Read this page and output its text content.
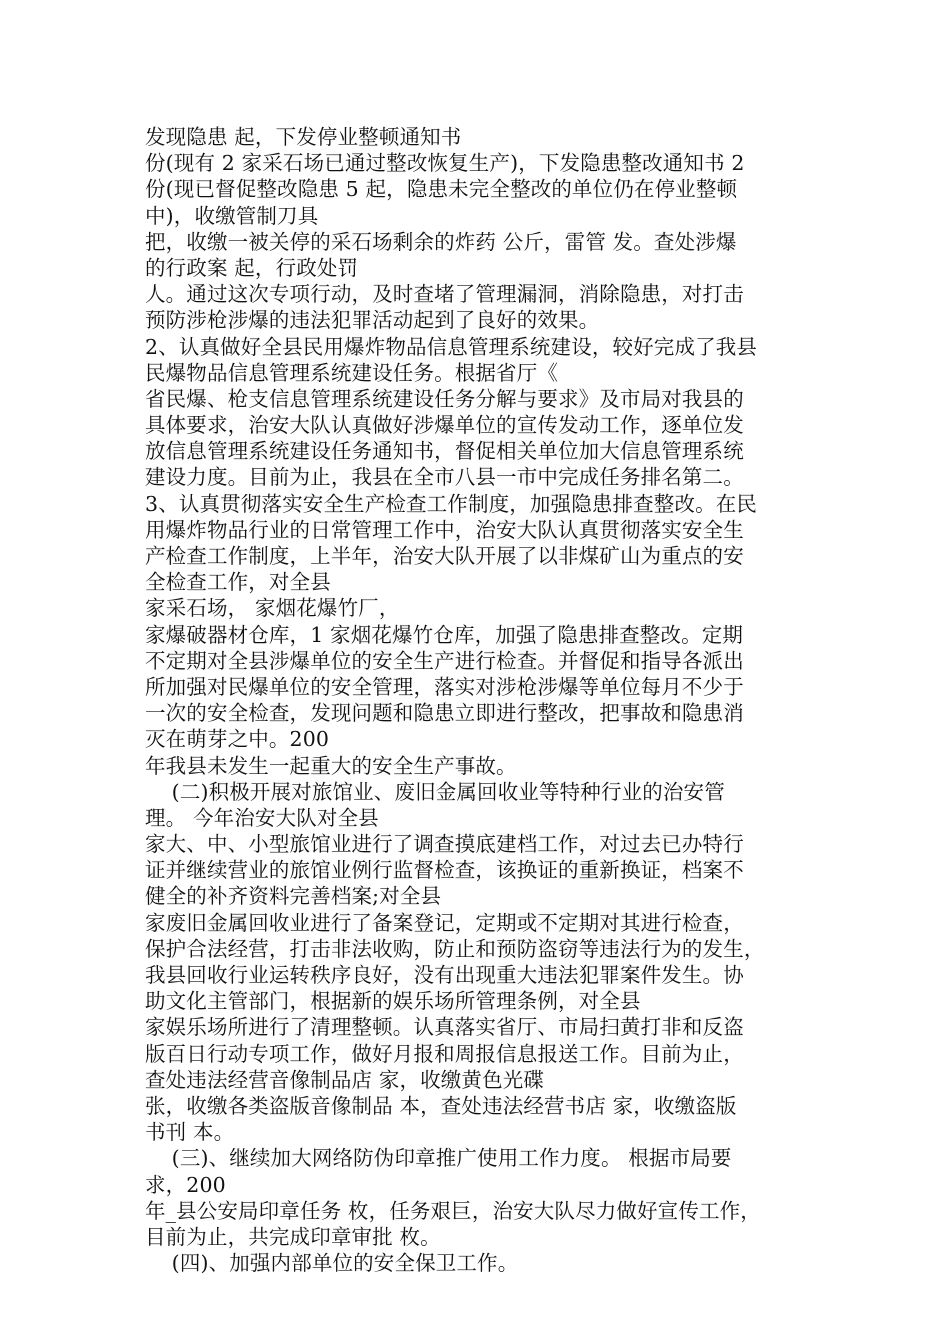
发现隐患 起，下发停业整顿通知书
份(现有 2 家采石场已通过整改恢复生产)，下发隐患整改通知书 2
份(现已督促整改隐患 5 起，隐患未完全整改的单位仍在停业整顿
中)，收缴管制刀具
把，收缴一被关停的采石场剩余的炸药 公斤，雷管 发。查处涉爆
的行政案 起，行政处罚
人。通过这次专项行动，及时查堵了管理漏洞，消除隐患，对打击
预防涉枪涉爆的违法犯罪活动起到了良好的效果。
2、认真做好全县民用爆炸物品信息管理系统建设，较好完成了我县
民爆物品信息管理系统建设任务。根据省厅《
省民爆、枪支信息管理系统建设任务分解与要求》及市局对我县的
具体要求，治安大队认真做好涉爆单位的宣传发动工作，逐单位发
放信息管理系统建设任务通知书，督促相关单位加大信息管理系统
建设力度。目前为止，我县在全市八县一市中完成任务排名第二。
3、认真贯彻落实安全生产检查工作制度，加强隐患排查整改。在民
用爆炸物品行业的日常管理工作中，治安大队认真贯彻落实安全生
产检查工作制度，上半年，治安大队开展了以非煤矿山为重点的安
全检查工作，对全县
家采石场， 家烟花爆竹厂，
家爆破器材仓库，1 家烟花爆竹仓库，加强了隐患排查整改。定期
不定期对全县涉爆单位的安全生产进行检查。并督促和指导各派出
所加强对民爆单位的安全管理，落实对涉枪涉爆等单位每月不少于
一次的安全检查，发现问题和隐患立即进行整改，把事故和隐患消
灭在萌芽之中。200
年我县未发生一起重大的安全生产事故。
(二)积极开展对旅馆业、废旧金属回收业等特种行业的治安管
理。 今年治安大队对全县
家大、中、小型旅馆业进行了调查摸底建档工作，对过去已办特行
证并继续营业的旅馆业例行监督检查，该换证的重新换证，档案不
健全的补齐资料完善档案;对全县
家废旧金属回收业进行了备案登记，定期或不定期对其进行检查，
保护合法经营，打击非法收购，防止和预防盗窃等违法行为的发生，
我县回收行业运转秩序良好，没有出现重大违法犯罪案件发生。协
助文化主管部门，根据新的娱乐场所管理条例，对全县
家娱乐场所进行了清理整顿。认真落实省厅、市局扫黄打非和反盗
版百日行动专项工作，做好月报和周报信息报送工作。目前为止，
查处违法经营音像制品店 家，收缴黄色光碟
张，收缴各类盗版音像制品 本，查处违法经营书店 家，收缴盗版
书刊 本。
(三)、继续加大网络防伪印章推广使用工作力度。 根据市局要
求，200
年_县公安局印章任务 枚，任务艰巨，治安大队尽力做好宣传工作，
目前为止，共完成印章审批 枚。
(四)、加强内部单位的安全保卫工作。
